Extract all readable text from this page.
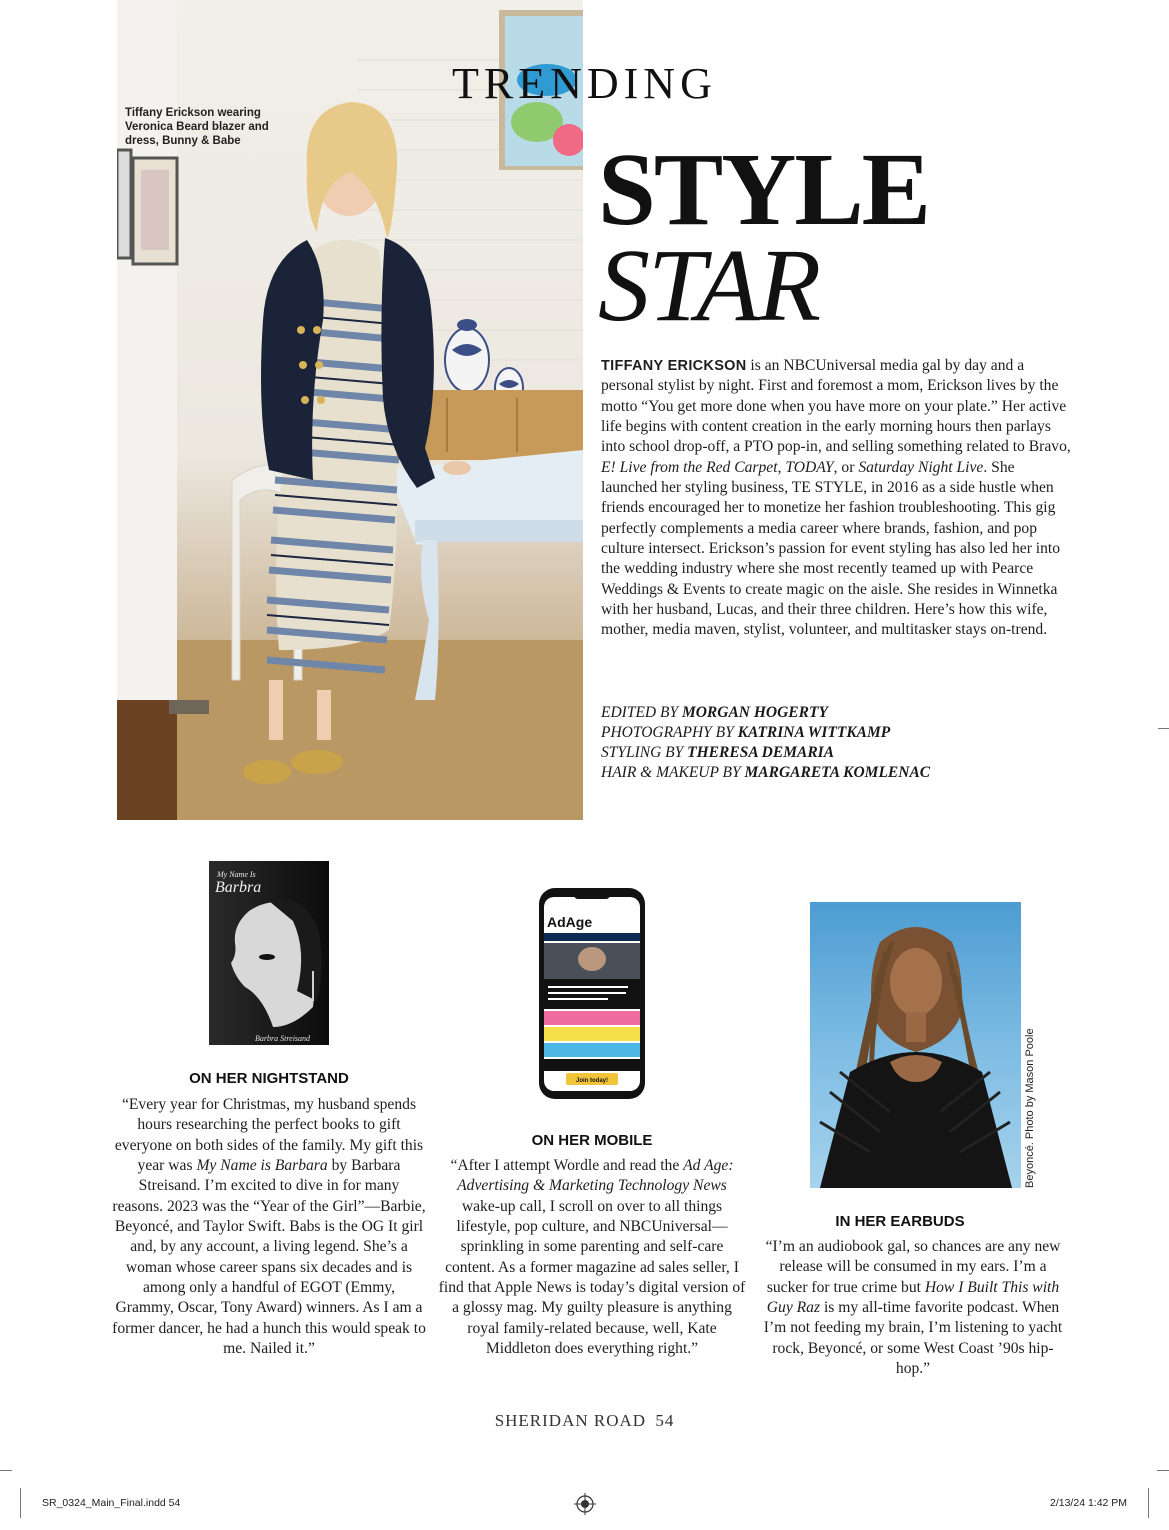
Tiffany Erickson wearing Veronica Beard blazer and dress, Bunny & Babe
TRENDING
STYLE
STAR

TIFFANY ERICKSON is an NBCUniversal media gal by day and a personal stylist by night. First and foremost a mom, Erickson lives by the motto “You get more done when you have more on your plate.” Her active life begins with content creation in the early morning hours then parlays into school drop-off, a PTO pop-in, and selling something related to Bravo, E! Live from the Red Carpet, TODAY, or Saturday Night Live. She launched her styling business, TE STYLE, in 2016 as a side hustle when friends encouraged her to monetize her fashion troubleshooting. This gig perfectly complements a media career where brands, fashion, and pop culture intersect. Erickson’s passion for event styling has also led her into the wedding industry where she most recently teamed up with Pearce Weddings & Events to create magic on the aisle. She resides in Winnetka with her husband, Lucas, and their three children. Here’s how this wife, mother, media maven, stylist, volunteer, and multitasker stays on-trend.

EDITED BY MORGAN HOGERTY
PHOTOGRAPHY BY KATRINA WITTKAMP
STYLING BY THERESA DEMARIA
HAIR & MAKEUP BY MARGARETA KOMLENAC
My Name Is
Barbra
Barbra Streisand
ON HER NIGHTSTAND

“Every year for Christmas, my husband spends hours researching the perfect books to gift everyone on both sides of the family. My gift this year was My Name is Barbara by Barbara Streisand. I’m excited to dive in for many reasons. 2023 was the “Year of the Girl”—Barbie, Beyoncé, and Taylor Swift. Babs is the OG It girl and, by any account, a living legend. She’s a woman whose career spans six decades and is among only a handful of EGOT (Emmy, Grammy, Oscar, Tony Award) winners. As I am a former dancer, he had a hunch this would speak to me. Nailed it.”

AdAge
Join today!
ON HER MOBILE

“After I attempt Wordle and read the Ad Age: Advertising & Marketing Technology News wake-up call, I scroll on over to all things lifestyle, pop culture, and NBCUniversal—sprinkling in some parenting and self-care content. As a former magazine ad sales seller, I find that Apple News is today’s digital version of a glossy mag. My guilty pleasure is anything royal family-related because, well, Kate Middleton does everything right.”

Beyoncé. Photo by Mason Poole
IN HER EARBUDS

“I’m an audiobook gal, so chances are any new release will be consumed in my ears. I’m a sucker for true crime but How I Built This with Guy Raz is my all-time favorite podcast. When I’m not feeding my brain, I’m listening to yacht rock, Beyoncé, or some West Coast ’90s hip-hop.”

SHERIDAN ROAD 54
SR_0324_Main_Final.indd 54	2/13/24 1:42 PM
